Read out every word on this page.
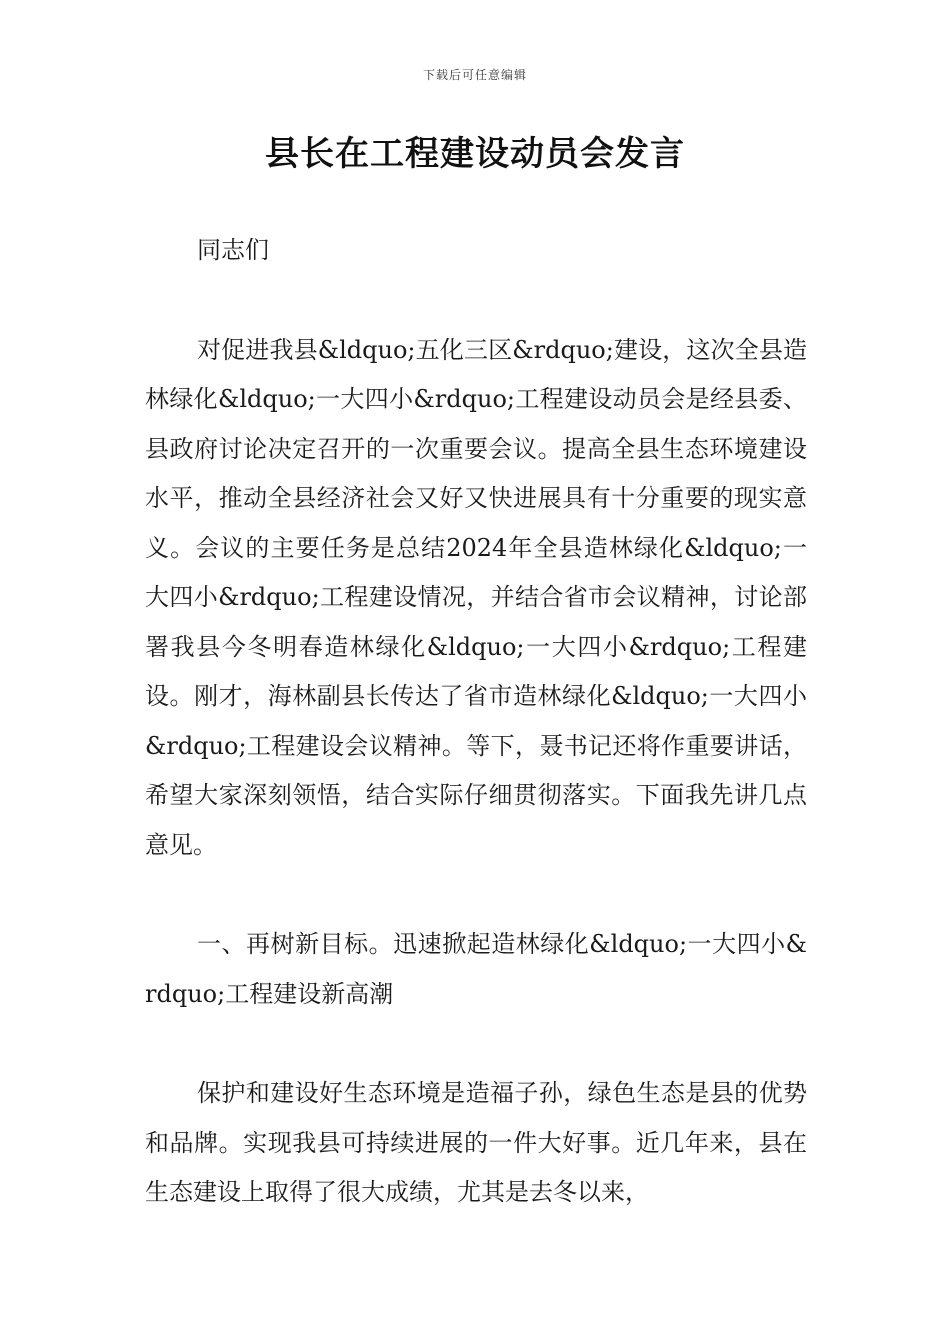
下载后可任意编辑
县长在工程建设动员会发言

同志们

对促进我县&ldquo;五化三区&rdquo;建设，这次全县造林绿化&ldquo;一大四小&rdquo;工程建设动员会是经县委、县政府讨论决定召开的一次重要会议。提高全县生态环境建设水平，推动全县经济社会又好又快进展具有十分重要的现实意义。会议的主要任务是总结2024年全县造林绿化&ldquo;一大四小&rdquo;工程建设情况，并结合省市会议精神，讨论部署我县今冬明春造林绿化&ldquo;一大四小&rdquo;工程建设。刚才，海林副县长传达了省市造林绿化&ldquo;一大四小&rdquo;工程建设会议精神。等下，聂书记还将作重要讲话，希望大家深刻领悟，结合实际仔细贯彻落实。下面我先讲几点意见。

一、再树新目标。迅速掀起造林绿化&ldquo;一大四小&rdquo;工程建设新高潮

保护和建设好生态环境是造福子孙，绿色生态是县的优势和品牌。实现我县可持续进展的一件大好事。近几年来，县在生态建设上取得了很大成绩，尤其是去冬以来，
